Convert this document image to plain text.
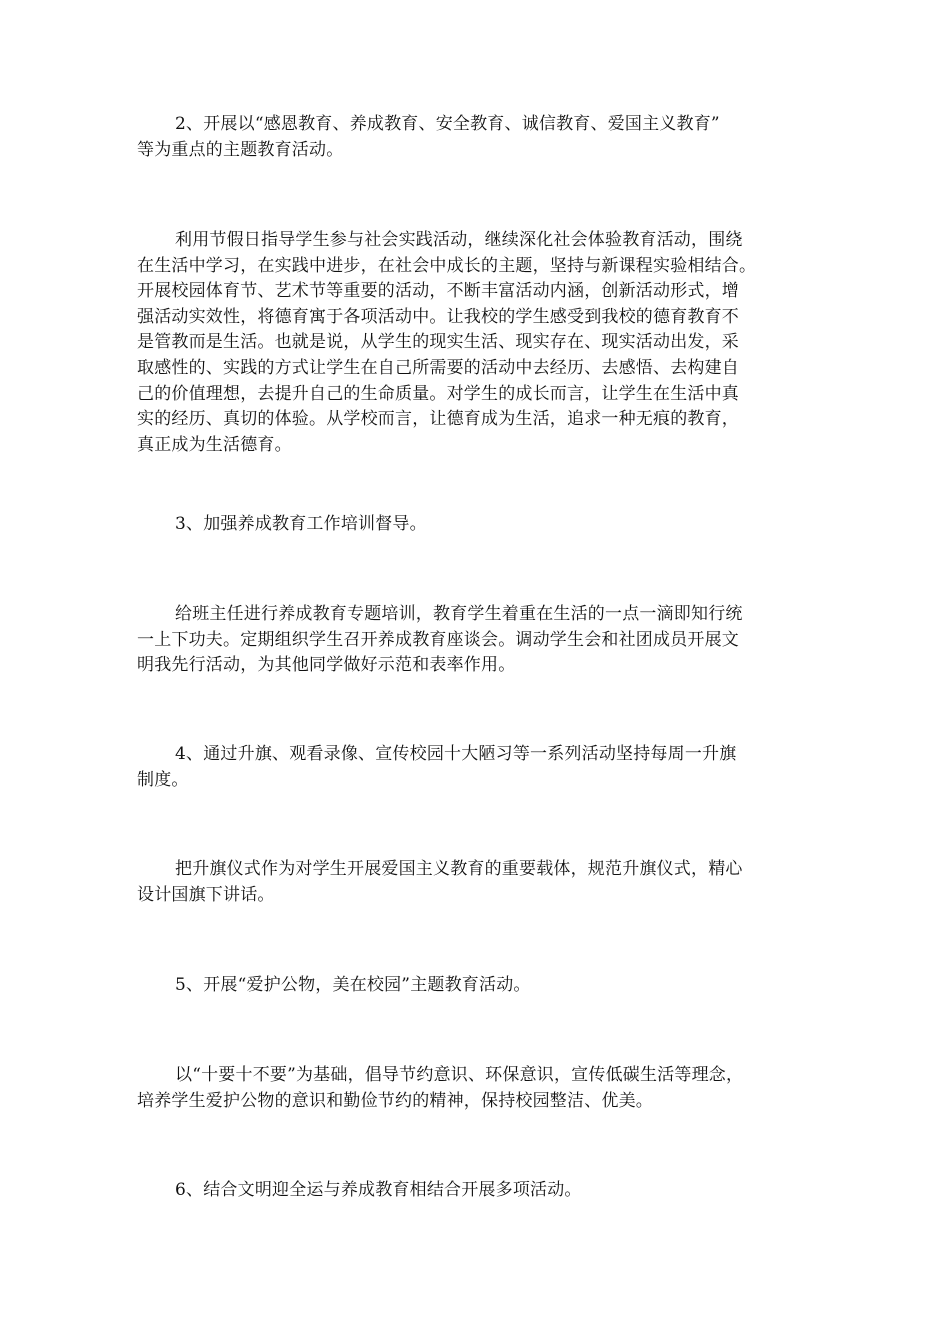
2、开展以“感恩教育、养成教育、安全教育、诚信教育、爱国主义教育”
等为重点的主题教育活动。

利用节假日指导学生参与社会实践活动，继续深化社会体验教育活动，围绕
在生活中学习，在实践中进步，在社会中成长的主题，坚持与新课程实验相结合。
开展校园体育节、艺术节等重要的活动，不断丰富活动内涵，创新活动形式，增
强活动实效性，将德育寓于各项活动中。让我校的学生感受到我校的德育教育不
是管教而是生活。也就是说，从学生的现实生活、现实存在、现实活动出发，采
取感性的、实践的方式让学生在自己所需要的活动中去经历、去感悟、去构建自
己的价值理想，去提升自己的生命质量。对学生的成长而言，让学生在生活中真
实的经历、真切的体验。从学校而言，让德育成为生活，追求一种无痕的教育，
真正成为生活德育。

3、加强养成教育工作培训督导。

给班主任进行养成教育专题培训，教育学生着重在生活的一点一滴即知行统
一上下功夫。定期组织学生召开养成教育座谈会。调动学生会和社团成员开展文
明我先行活动，为其他同学做好示范和表率作用。

4、通过升旗、观看录像、宣传校园十大陋习等一系列活动坚持每周一升旗
制度。

把升旗仪式作为对学生开展爱国主义教育的重要载体，规范升旗仪式，精心
设计国旗下讲话。

5、开展“爱护公物，美在校园”主题教育活动。

以“十要十不要”为基础，倡导节约意识、环保意识，宣传低碳生活等理念，
培养学生爱护公物的意识和勤俭节约的精神，保持校园整洁、优美。

6、结合文明迎全运与养成教育相结合开展多项活动。
